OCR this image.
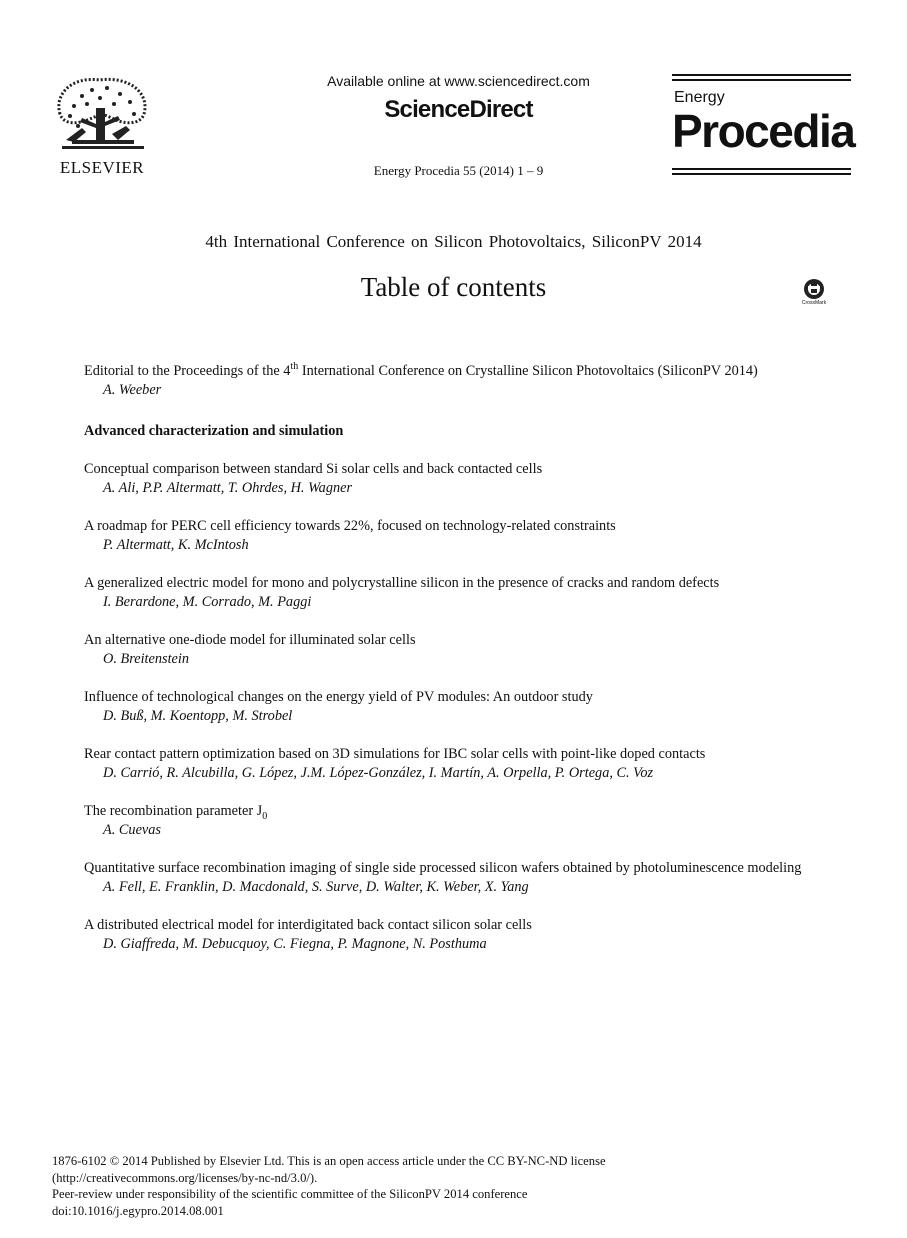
ELSEVIER
Available online at www.sciencedirect.com
ScienceDirect
Energy Procedia 55 (2014) 1 – 9
Energy
Procedia
4th International Conference on Silicon Photovoltaics, SiliconPV 2014
Table of contents
CrossMark
Editorial to the Proceedings of the 4th International Conference on Crystalline Silicon Photovoltaics (SiliconPV 2014)
A. Weeber
Advanced characterization and simulation
Conceptual comparison between standard Si solar cells and back contacted cells
A. Ali, P.P. Altermatt, T. Ohrdes, H. Wagner
A roadmap for PERC cell efficiency towards 22%, focused on technology-related constraints
P. Altermatt, K. McIntosh
A generalized electric model for mono and polycrystalline silicon in the presence of cracks and random defects
I. Berardone, M. Corrado, M. Paggi
An alternative one-diode model for illuminated solar cells
O. Breitenstein
Influence of technological changes on the energy yield of PV modules: An outdoor study
D. Buß, M. Koentopp, M. Strobel
Rear contact pattern optimization based on 3D simulations for IBC solar cells with point-like doped contacts
D. Carrió, R. Alcubilla, G. López, J.M. López-González, I. Martín, A. Orpella, P. Ortega, C. Voz
The recombination parameter $J_0$
A. Cuevas
Quantitative surface recombination imaging of single side processed silicon wafers obtained by photoluminescence modeling
A. Fell, E. Franklin, D. Macdonald, S. Surve, D. Walter, K. Weber, X. Yang
A distributed electrical model for interdigitated back contact silicon solar cells
D. Giaffreda, M. Debucquoy, C. Fiegna, P. Magnone, N. Posthuma
1876-6102 © 2014 Published by Elsevier Ltd. This is an open access article under the CC BY-NC-ND license
(http://creativecommons.org/licenses/by-nc-nd/3.0/).
Peer-review under responsibility of the scientific committee of the SiliconPV 2014 conference
doi:10.1016/j.egypro.2014.08.001
